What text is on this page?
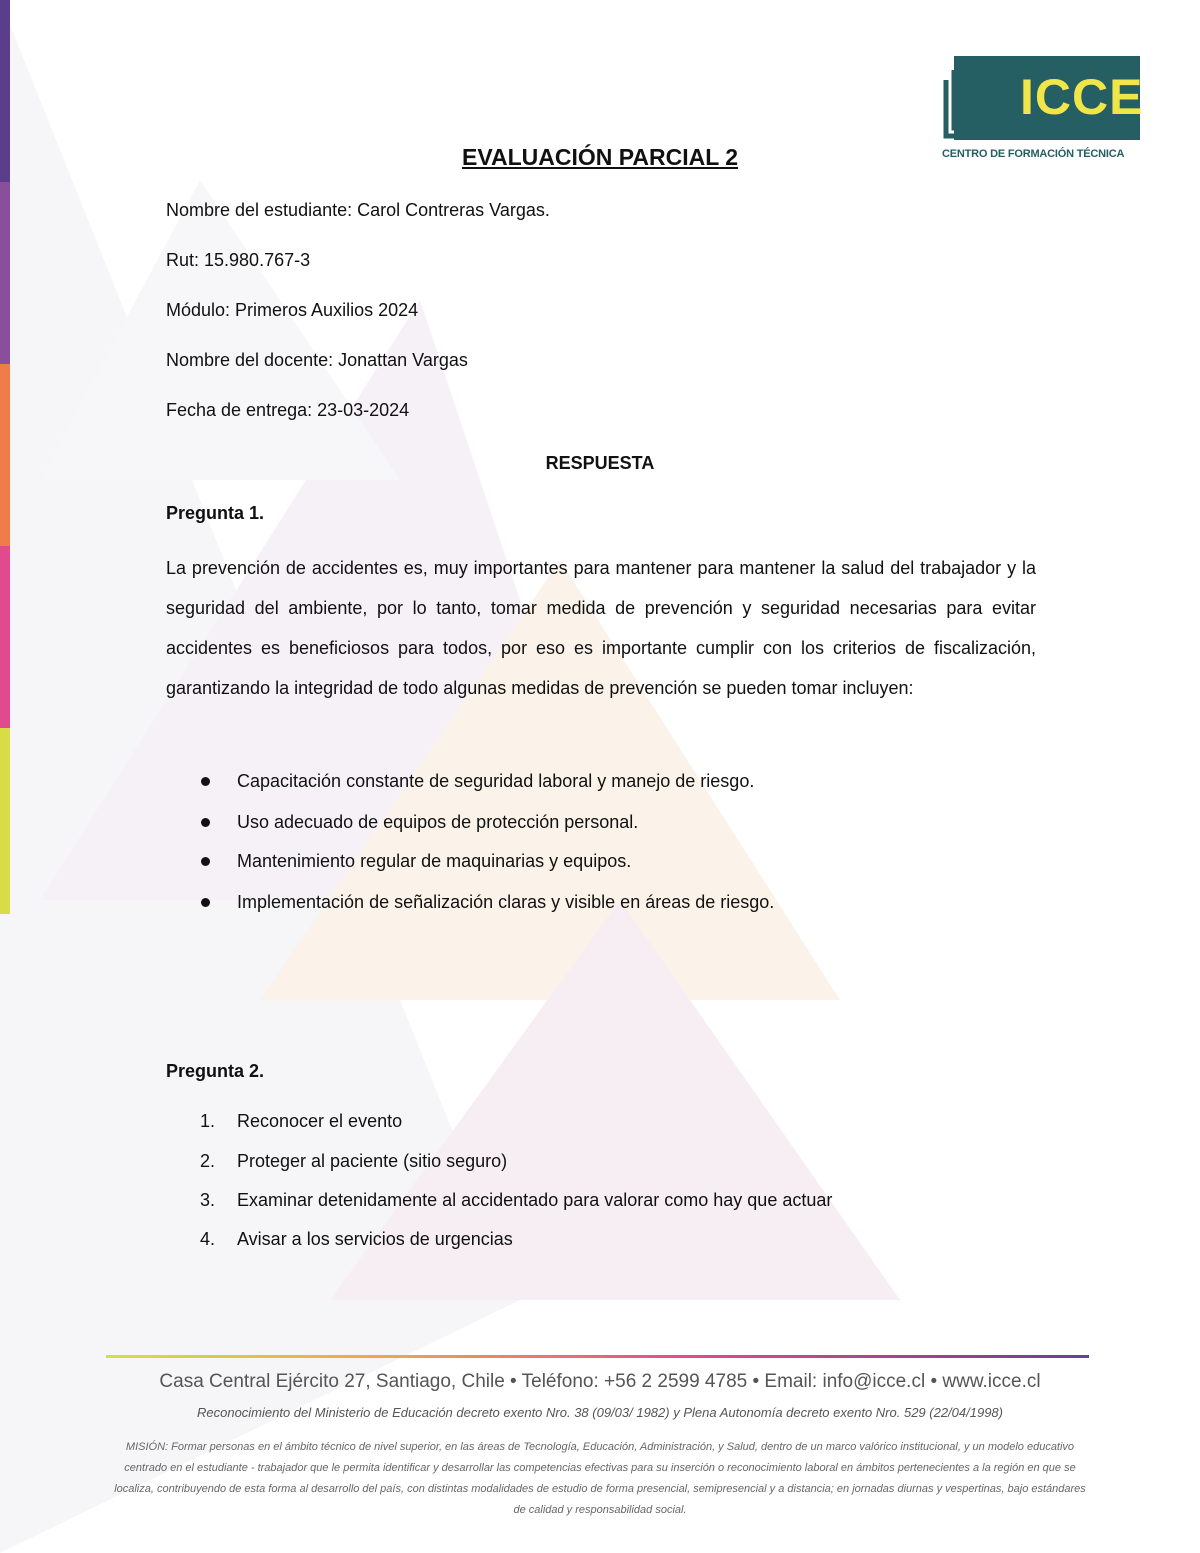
ICCE
CENTRO DE FORMACIÓN TÉCNICA
EVALUACIÓN PARCIAL 2
Nombre del estudiante: Carol Contreras Vargas.
Rut: 15.980.767-3
Módulo: Primeros Auxilios 2024
Nombre del docente: Jonattan Vargas
Fecha de entrega: 23-03-2024
RESPUESTA
Pregunta 1.
La prevención de accidentes es, muy importantes para mantener para mantener la salud del trabajador y la seguridad del ambiente, por lo tanto, tomar medida de prevención y seguridad necesarias para evitar accidentes es beneficiosos para todos, por eso es importante cumplir con los criterios de fiscalización, garantizando la integridad de todo algunas medidas de prevención se pueden tomar incluyen:
Capacitación constante de seguridad laboral y manejo de riesgo.
Uso adecuado de equipos de protección personal.
Mantenimiento regular de maquinarias y equipos.
Implementación de señalización claras y visible en áreas de riesgo.
Pregunta 2.
1. Reconocer el evento
2. Proteger al paciente (sitio seguro)
3. Examinar detenidamente al accidentado para valorar como hay que actuar
4. Avisar a los servicios de urgencias
Casa Central Ejército 27, Santiago, Chile • Teléfono: +56 2 2599 4785 • Email: info@icce.cl • www.icce.cl
Reconocimiento del Ministerio de Educación decreto exento Nro. 38 (09/03/ 1982) y Plena Autonomía decreto exento Nro. 529 (22/04/1998)
MISIÓN: Formar personas en el ámbito técnico de nivel superior, en las áreas de Tecnología, Educación, Administración, y Salud, dentro de un marco valórico institucional, y un modelo educativo centrado en el estudiante - trabajador que le permita identificar y desarrollar las competencias efectivas para su inserción o reconocimiento laboral en ámbitos pertenecientes a la región en que se localiza, contribuyendo de esta forma al desarrollo del país, con distintas modalidades de estudio de forma presencial, semipresencial y a distancia; en jornadas diurnas y vespertinas, bajo estándares de calidad y responsabilidad social.
